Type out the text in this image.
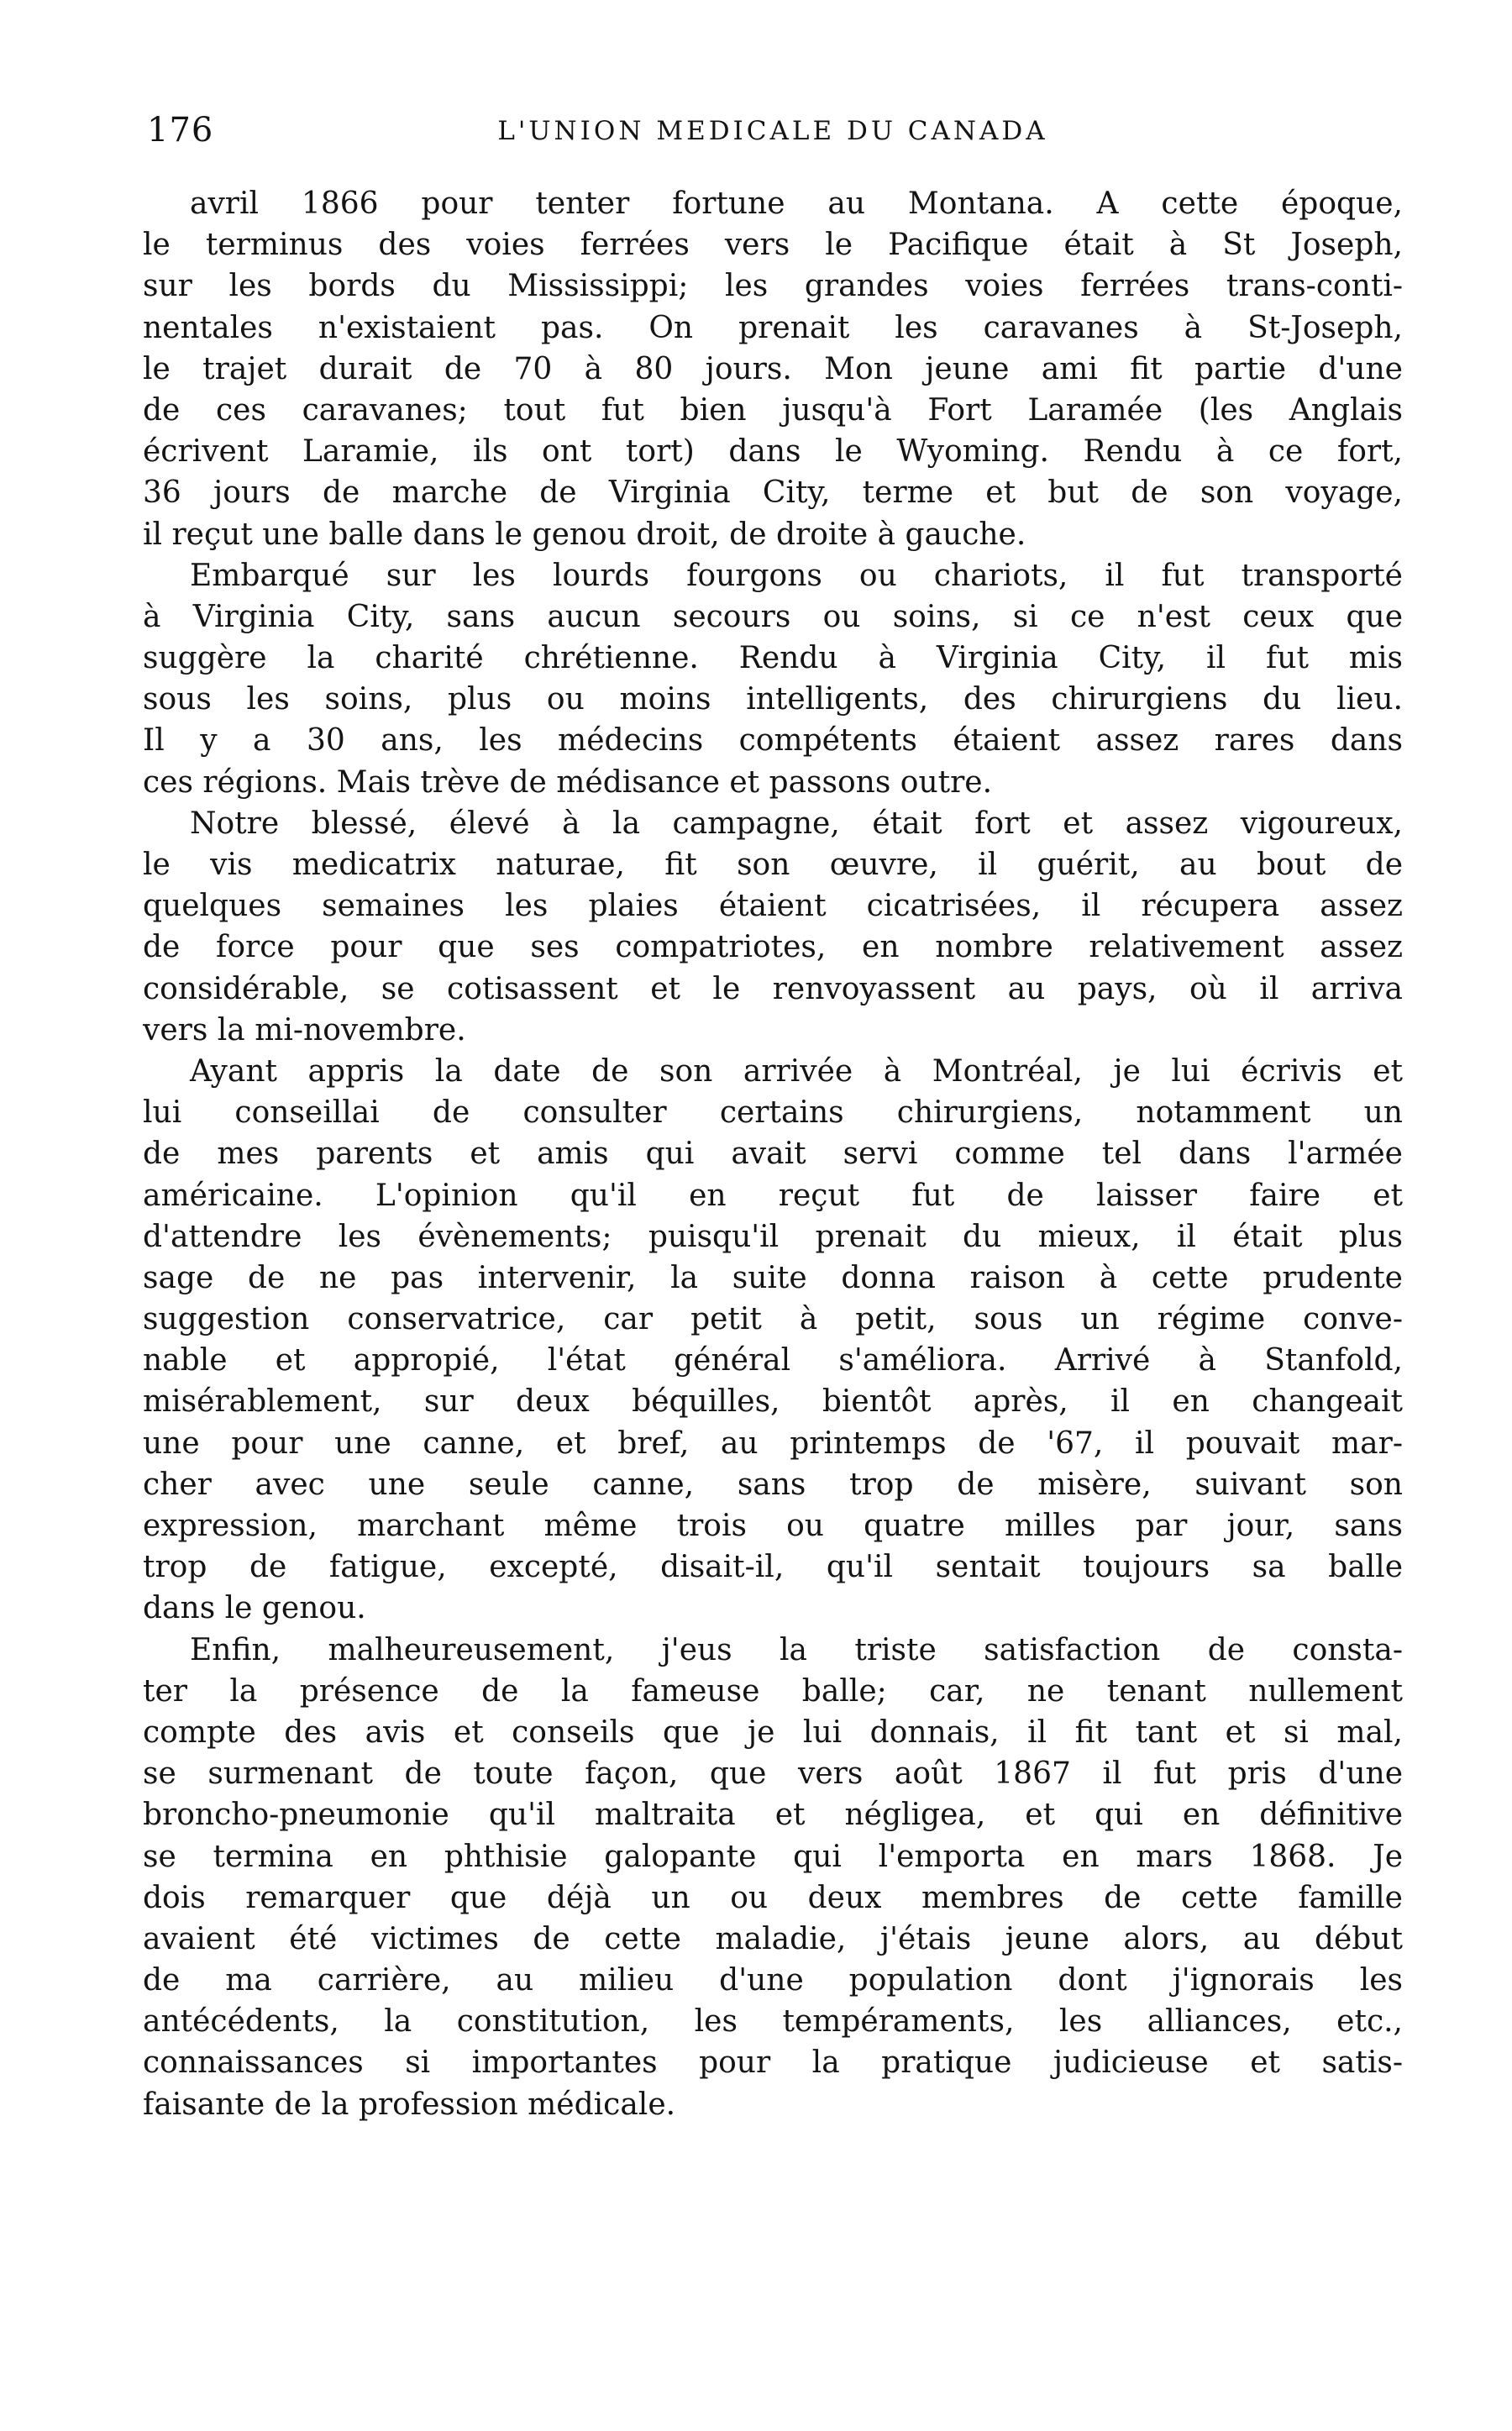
176	L'UNION MEDICALE DU CANADA
avril 1866 pour tenter fortune au Montana. A cette époque,
le terminus des voies ferrées vers le Pacifique était à St Joseph,
sur les bords du Mississippi; les grandes voies ferrées trans-conti-
nentales n'existaient pas. On prenait les caravanes à St-Joseph,
le trajet durait de 70 à 80 jours. Mon jeune ami fit partie d'une
de ces caravanes; tout fut bien jusqu'à Fort Laramée (les Anglais
écrivent Laramie, ils ont tort) dans le Wyoming. Rendu à ce fort,
36 jours de marche de Virginia City, terme et but de son voyage,
il reçut une balle dans le genou droit, de droite à gauche.
Embarqué sur les lourds fourgons ou chariots, il fut transporté
à Virginia City, sans aucun secours ou soins, si ce n'est ceux que
suggère la charité chrétienne. Rendu à Virginia City, il fut mis
sous les soins, plus ou moins intelligents, des chirurgiens du lieu.
Il y a 30 ans, les médecins compétents étaient assez rares dans
ces régions. Mais trève de médisance et passons outre.
Notre blessé, élevé à la campagne, était fort et assez vigoureux,
le vis medicatrix naturae, fit son œuvre, il guérit, au bout de
quelques semaines les plaies étaient cicatrisées, il récupera assez
de force pour que ses compatriotes, en nombre relativement assez
considérable, se cotisassent et le renvoyassent au pays, où il arriva
vers la mi-novembre.
Ayant appris la date de son arrivée à Montréal, je lui écrivis et
lui conseillai de consulter certains chirurgiens, notamment un
de mes parents et amis qui avait servi comme tel dans l'armée
américaine. L'opinion qu'il en reçut fut de laisser faire et
d'attendre les évènements; puisqu'il prenait du mieux, il était plus
sage de ne pas intervenir, la suite donna raison à cette prudente
suggestion conservatrice, car petit à petit, sous un régime conve-
nable et appropié, l'état général s'améliora. Arrivé à Stanfold,
misérablement, sur deux béquilles, bientôt après, il en changeait
une pour une canne, et bref, au printemps de '67, il pouvait mar-
cher avec une seule canne, sans trop de misère, suivant son
expression, marchant même trois ou quatre milles par jour, sans
trop de fatigue, excepté, disait-il, qu'il sentait toujours sa balle
dans le genou.
Enfin, malheureusement, j'eus la triste satisfaction de consta-
ter la présence de la fameuse balle; car, ne tenant nullement
compte des avis et conseils que je lui donnais, il fit tant et si mal,
se surmenant de toute façon, que vers août 1867 il fut pris d'une
broncho-pneumonie qu'il maltraita et négligea, et qui en définitive
se termina en phthisie galopante qui l'emporta en mars 1868. Je
dois remarquer que déjà un ou deux membres de cette famille
avaient été victimes de cette maladie, j'étais jeune alors, au début
de ma carrière, au milieu d'une population dont j'ignorais les
antécédents, la constitution, les tempéraments, les alliances, etc.,
connaissances si importantes pour la pratique judicieuse et satis-
faisante de la profession médicale.
